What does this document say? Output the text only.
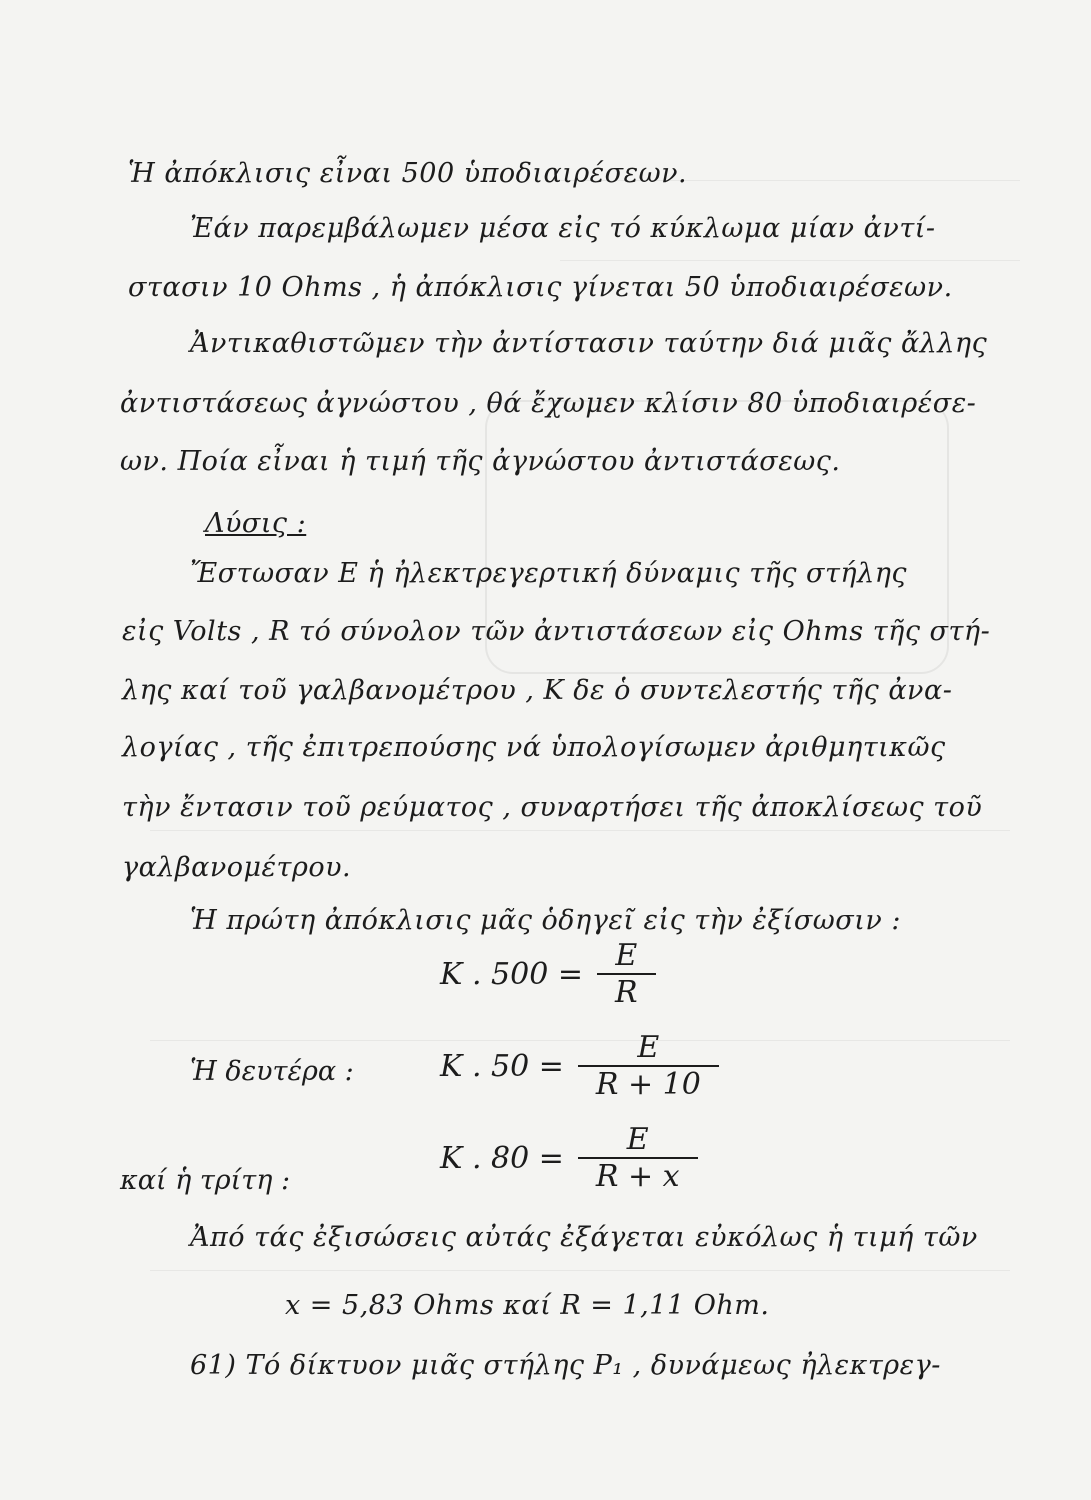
Ἡ ἀπόκλισις εἶναι 500 ὑποδιαιρέσεων.
Ἐάν παρεμβάλωμεν μέσα εἰς τό κύκλωμα μίαν ἀντί-
στασιν 10 Ohms , ἡ ἀπόκλισις γίνεται 50 ὑποδιαιρέσεων.
Ἀντικαθιστῶμεν τὴν ἀντίστασιν ταύτην διά μιᾶς ἄλλης
ἀντιστάσεως ἀγνώστου , θά ἔχωμεν κλίσιν 80 ὑποδιαιρέσε-
ων. Ποία εἶναι ἡ τιμή τῆς ἀγνώστου ἀντιστάσεως.
Λύσις :
Ἔστωσαν E ἡ ἠλεκτρεγερτική δύναμις τῆς στήλης
εἰς Volts , R τό σύνολον τῶν ἀντιστάσεων εἰς Ohms τῆς στή-
λης καί τοῦ γαλβανομέτρου , K δε ὁ συντελεστής τῆς ἀνα-
λογίας , τῆς ἐπιτρεπούσης νά ὑπολογίσωμεν ἀριθμητικῶς
τὴν ἔντασιν τοῦ ρεύματος , συναρτήσει τῆς ἀποκλίσεως τοῦ
γαλβανομέτρου.
Ἡ πρώτη ἀπόκλισις μᾶς ὁδηγεῖ εἰς τὴν ἐξίσωσιν :
K . $500 = \frac{E}{R}$
Ἡ δευτέρα :	K . $50 = \frac{E}{R + 10}$
καί ἡ τρίτη :
K . $80 = \frac{E}{R + x}$
Ἀπό τάς ἐξισώσεις αὐτάς ἐξάγεται εὐκόλως ἡ τιμή τῶν
x = 5,83 Ohms καί R = 1,11 Ohm.
61) Τό δίκτυον μιᾶς στήλης P₁ , δυνάμεως ἠλεκτρεγ-
